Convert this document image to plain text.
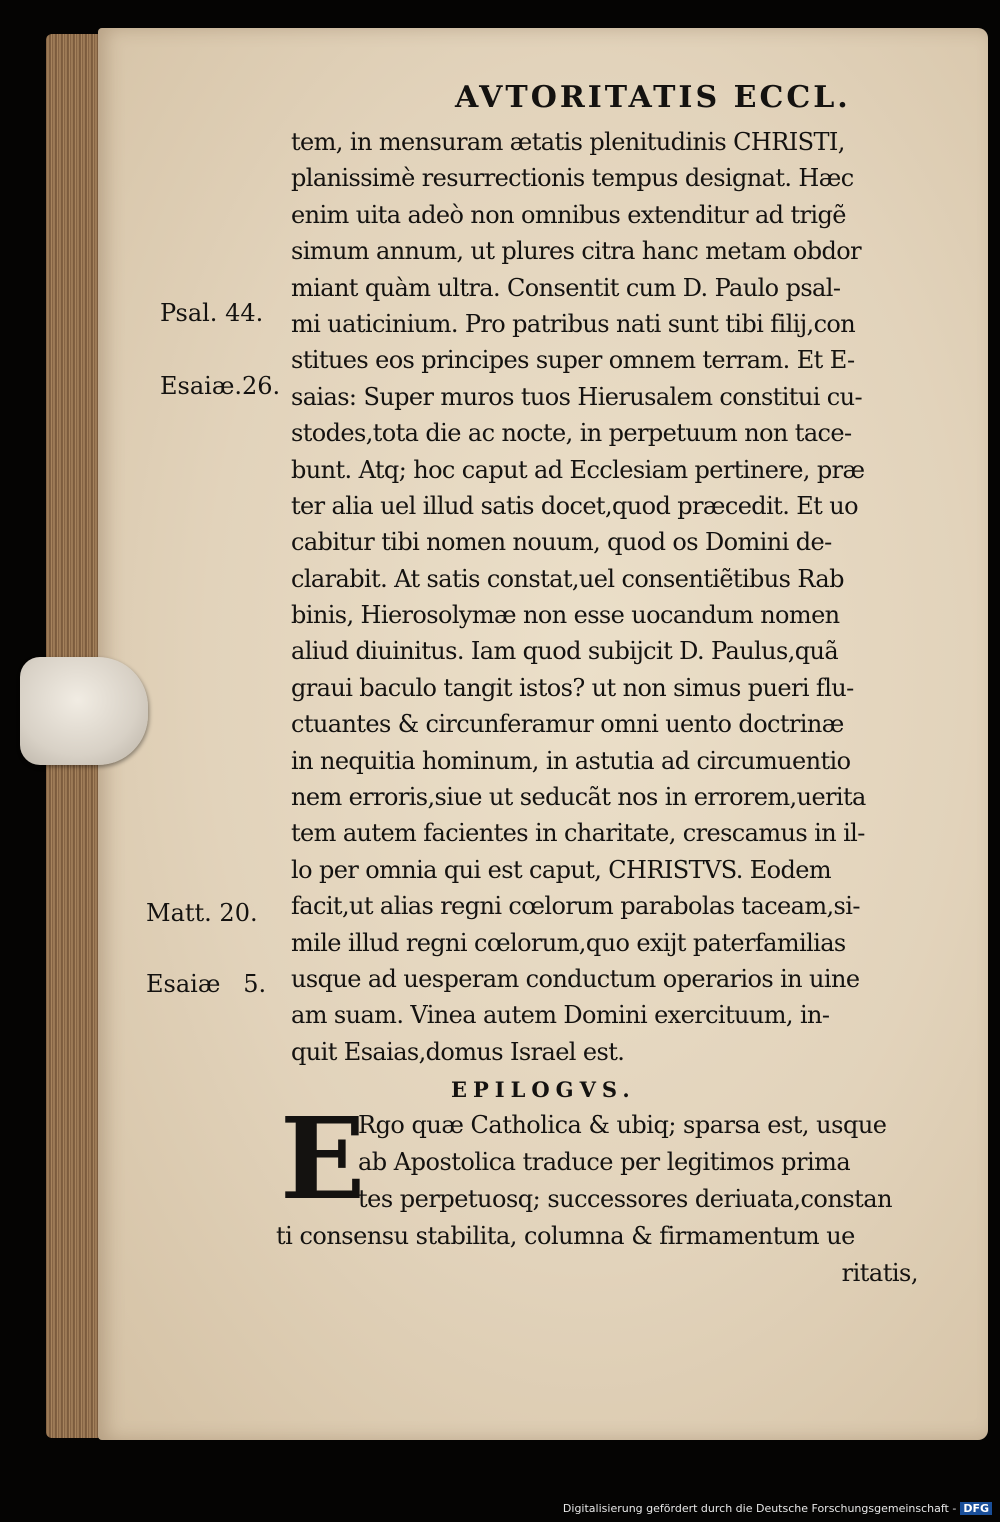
AVTORITATIS ECCL.
tem, in mensuram ætatis plenitudinis CHRISTI,
planissimè resurrectionis tempus designat. Hæc
enim uita adeò non omnibus extenditur ad trigẽ
simum annum, ut plures citra hanc metam obdor
miant quàm ultra. Consentit cum D. Paulo psal-
mi uaticinium. Pro patribus nati sunt tibi filij,con
stitues eos principes super omnem terram. Et E-
saias: Super muros tuos Hierusalem constitui cu-
stodes,tota die ac nocte, in perpetuum non tace-
bunt. Atq; hoc caput ad Ecclesiam pertinere, præ
ter alia uel illud satis docet,quod præcedit. Et uo
cabitur tibi nomen nouum, quod os Domini de-
clarabit. At satis constat,uel consentiẽtibus Rab
binis, Hierosolymæ non esse uocandum nomen
aliud diuinitus. Iam quod subijcit D. Paulus,quã
graui baculo tangit istos? ut non simus pueri flu-
ctuantes & circunferamur omni uento doctrinæ
in nequitia hominum, in astutia ad circumuentio
nem erroris,siue ut seducãt nos in errorem,uerita
tem autem facientes in charitate, crescamus in il-
lo per omnia qui est caput, CHRISTVS. Eodem
facit,ut alias regni cœlorum parabolas taceam,si-
mile illud regni cœlorum,quo exijt paterfamilias
usque ad uesperam conductum operarios in uine
am suam. Vinea autem Domini exercituum, in-
quit Esaias,domus Israel est.
Psal. 44.
Esaiæ.26.
Matt. 20.
Esaiæ   5.
EPILOGVS.
E
Rgo quæ Catholica & ubiq; sparsa est, usque
ab Apostolica traduce per legitimos prima
tes perpetuosq; successores deriuata,constan
ti consensu stabilita, columna & firmamentum ue
ritatis,
Digitalisierung gefördert durch die Deutsche Forschungsgemeinschaft - DFG
